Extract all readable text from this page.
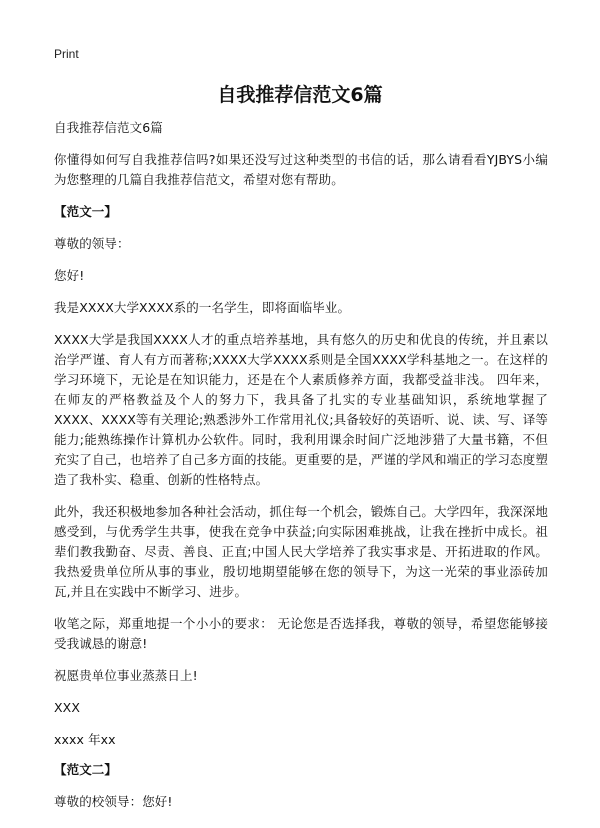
Print
自我推荐信范文6篇

自我推荐信范文6篇

你懂得如何写自我推荐信吗?如果还没写过这种类型的书信的话，那么请看看YJBYS小编为您整理的几篇自我推荐信范文，希望对您有帮助。

【范文一】

尊敬的领导：

您好!

我是XXXX大学XXXX系的一名学生，即将面临毕业。

XXXX大学是我国XXXX人才的重点培养基地，具有悠久的历史和优良的传统，并且素以治学严谨、育人有方而著称;XXXX大学XXXX系则是全国XXXX学科基地之一。在这样的学习环境下，无论是在知识能力，还是在个人素质修养方面，我都受益非浅。 四年来，在师友的严格教益及个人的努力下，我具备了扎实的专业基础知识，系统地掌握了XXXX、XXXX等有关理论;熟悉涉外工作常用礼仪;具备较好的英语听、说、读、写、译等能力;能熟练操作计算机办公软件。同时，我利用课余时间广泛地涉猎了大量书籍，不但充实了自己，也培养了自己多方面的技能。更重要的是，严谨的学风和端正的学习态度塑造了我朴实、稳重、创新的性格特点。

此外，我还积极地参加各种社会活动，抓住每一个机会，锻炼自己。大学四年，我深深地感受到，与优秀学生共事，使我在竞争中获益;向实际困难挑战，让我在挫折中成长。祖辈们教我勤奋、尽责、善良、正直;中国人民大学培养了我实事求是、开拓进取的作风。 我热爱贵单位所从事的事业，殷切地期望能够在您的领导下，为这一光荣的事业添砖加瓦,并且在实践中不断学习、进步。

收笔之际，郑重地提一个小小的要求： 无论您是否选择我，尊敬的领导，希望您能够接受我诚恳的谢意!

祝愿贵单位事业蒸蒸日上!

XXX

xxxx 年xx

【范文二】

尊敬的校领导：您好!
